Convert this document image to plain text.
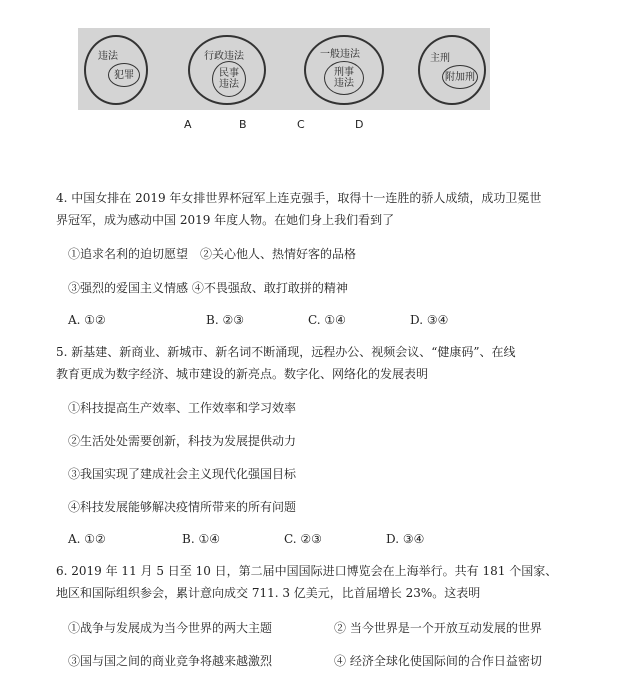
违法
犯罪
行政违法
民事
违法
一般违法
刑事
违法
主刑
附加刑
A	B	C	D
4. 中国女排在 2019 年女排世界杯冠军上连克强手，取得十一连胜的骄人成绩，成功卫冕世
界冠军，成为感动中国 2019 年度人物。在她们身上我们看到了
①追求名利的迫切愿望　②关心他人、热情好客的品格
③强烈的爱国主义情感 ④不畏强敌、敢打敢拼的精神
A. ①②	B. ②③	C. ①④	D. ③④
5. 新基建、新商业、新城市、新名词不断涌现，远程办公、视频会议、“健康码”、在线
教育更成为数字经济、城市建设的新亮点。数字化、网络化的发展表明
①科技提高生产效率、工作效率和学习效率
②生活处处需要创新，科技为发展提供动力
③我国实现了建成社会主义现代化强国目标
④科技发展能够解决疫情所带来的所有问题
A. ①②	B. ①④	C. ②③	D. ③④
6. 2019 年 11 月 5 日至 10 日，第二届中国国际进口博览会在上海举行。共有 181 个国家、
地区和国际组织参会，累计意向成交 711. 3 亿美元，比首届增长 23%。这表明
①战争与发展成为当今世界的两大主题	② 当今世界是一个开放互动发展的世界
③国与国之间的商业竞争将越来越激烈	④ 经济全球化使国际间的合作日益密切
